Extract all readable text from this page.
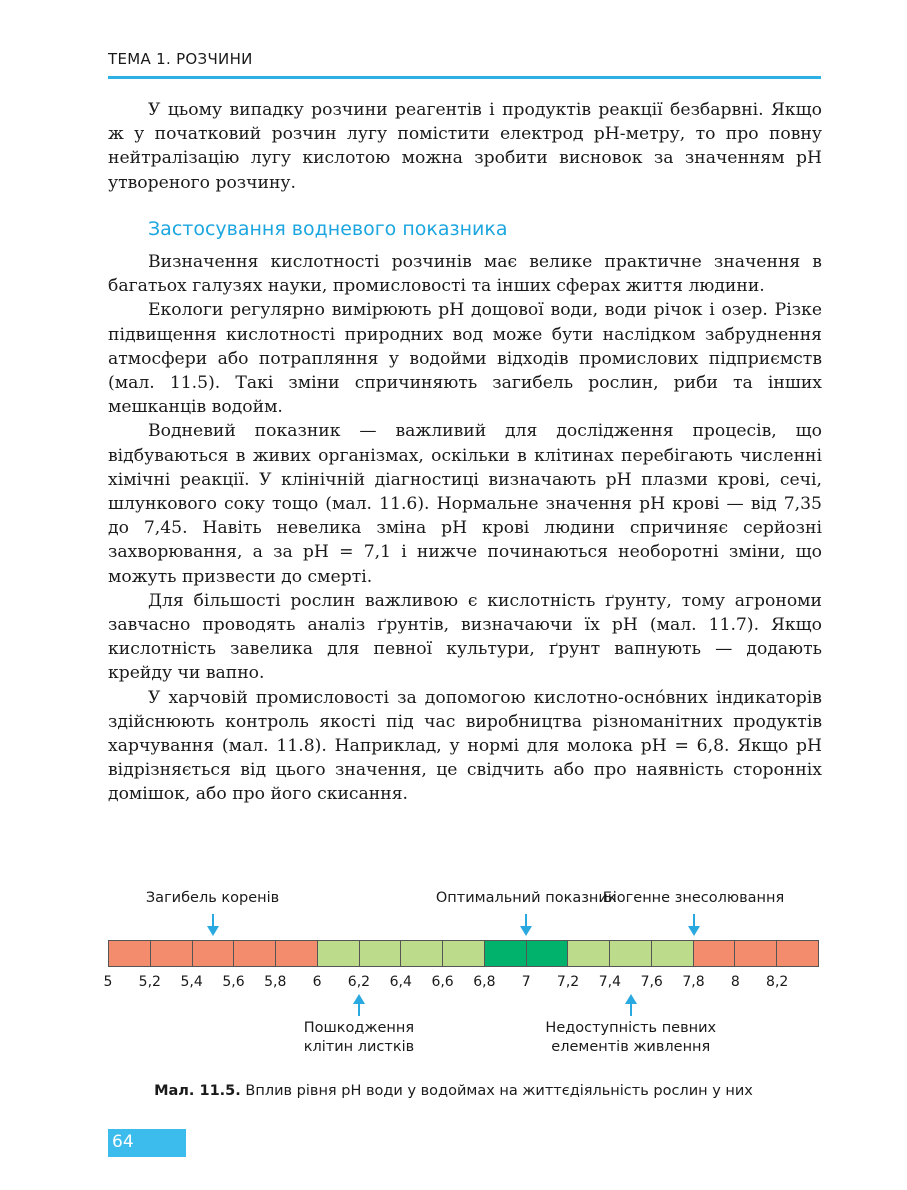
ТЕМА 1. РОЗЧИНИ

У цьому випадку розчини реагентів і продуктів реакції безбарвні. Якщо ж у початковий розчин лугу помістити електрод pH-метру, то про повну нейтралізацію лугу кислотою можна зробити висновок за значенням pH утвореного розчину.

Застосування водневого показника

Визначення кислотності розчинів має велике практичне значення в багатьох галузях науки, промисловості та інших сферах життя людини.

Екологи регулярно вимірюють pH дощової води, води річок і озер. Різке підвищення кислотності природних вод може бути наслідком забруднення атмосфери або потрапляння у водойми відходів промислових підприємств (мал. 11.5). Такі зміни спричиняють загибель рослин, риби та інших мешканців водойм.

Водневий показник — важливий для дослідження процесів, що відбуваються в живих організмах, оскільки в клітинах перебігають численні хімічні реакції. У клінічній діагностиці визначають pH плазми крові, сечі, шлункового соку тощо (мал. 11.6). Нормальне значення pH крові — від 7,35 до 7,45. Навіть невелика зміна pH крові людини спричиняє серйозні захворювання, а за pH = 7,1 і нижче починаються необоротні зміни, що можуть призвести до смерті.

Для більшості рослин важливою є кислотність ґрунту, тому агрономи завчасно проводять аналіз ґрунтів, визначаючи їх pH (мал. 11.7). Якщо кислотність завелика для певної культури, ґрунт вапнують — додають крейду чи вапно.

У харчовій промисловості за допомогою кислотно-осно́вних індикаторів здійснюють контроль якості під час виробництва різноманітних продуктів харчування (мал. 11.8). Наприклад, у нормі для молока pH = 6,8. Якщо pH відрізняється від цього значення, це свідчить або про наявність сторонніх домішок, або про його скисання.

5 5,2 5,4 5,6 5,8 6 6,2 6,4 6,6 6,8 7 7,2 7,4 7,6 7,8 8 8,2
Загибель коренів	Оптимальний показник
Біогенне знесолювання
Пошкодження
клітин листків
Недоступність певних
елементів живлення
Мал. 11.5. Вплив рівня pH води у водоймах на життєдіяльність рослин у них
64
